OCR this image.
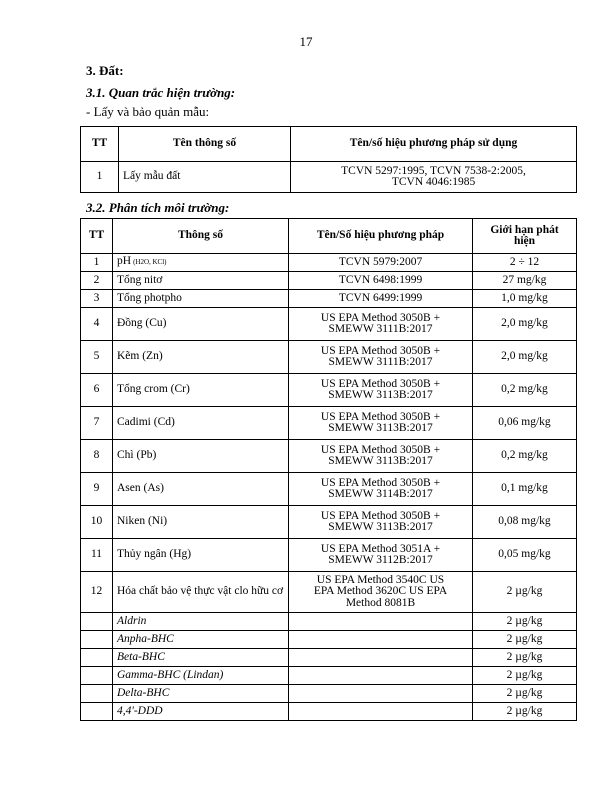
17
3. Đất:
3.1. Quan trắc hiện trường:
- Lấy và bảo quản mẫu:
TT	Tên thông số	Tên/số hiệu phương pháp sử dụng
1	Lấy mẫu đất	TCVN 5297:1995, TCVN 7538-2:2005, TCVN 4046:1985
3.2. Phân tích môi trường:
TT	Thông số	Tên/Số hiệu phương pháp	Giới hạn phát hiện
1	pH (H2O, KCl)	TCVN 5979:2007	2 ÷ 12
2	Tổng nitơ	TCVN 6498:1999	27 mg/kg
3	Tổng photpho	TCVN 6499:1999	1,0 mg/kg
4	Đồng (Cu)	US EPA Method 3050B + SMEWW 3111B:2017	2,0 mg/kg
5	Kẽm (Zn)	US EPA Method 3050B + SMEWW 3111B:2017	2,0 mg/kg
6	Tổng crom (Cr)	US EPA Method 3050B + SMEWW 3113B:2017	0,2 mg/kg
7	Cadimi (Cd)	US EPA Method 3050B + SMEWW 3113B:2017	0,06 mg/kg
8	Chì (Pb)	US EPA Method 3050B + SMEWW 3113B:2017	0,2 mg/kg
9	Asen (As)	US EPA Method 3050B + SMEWW 3114B:2017	0,1 mg/kg
10	Niken (Ni)	US EPA Method 3050B + SMEWW 3113B:2017	0,08 mg/kg
11	Thủy ngân (Hg)	US EPA Method 3051A + SMEWW 3112B:2017	0,05 mg/kg
12	Hóa chất bảo vệ thực vật clo hữu cơ	US EPA Method 3540C US EPA Method 3620C US EPA Method 8081B	2 µg/kg
	Aldrin		2 µg/kg
	Anpha-BHC		2 µg/kg
	Beta-BHC		2 µg/kg
	Gamma-BHC (Lindan)		2 µg/kg
	Delta-BHC		2 µg/kg
	4,4'-DDD		2 µg/kg
